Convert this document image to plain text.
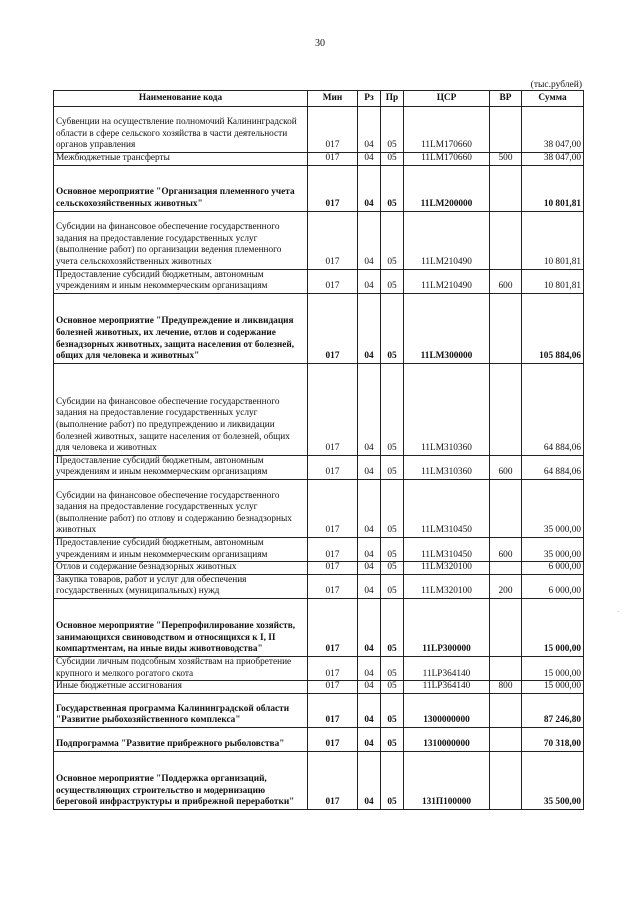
30
(тыс.рублей)
Наименование кода	Мин	Рз	Пр	ЦСР	ВР	Сумма
Субвенции на осуществление полномочий Калининградской области в сфере сельского хозяйства в части деятельности органов управления	017	04	05	11LM170660		38 047,00
Межбюджетные трансферты	017	04	05	11LM170660	500	38 047,00
Основное мероприятие "Организация племенного учета сельскохозяйственных животных"	017	04	05	11LM200000		10 801,81
Субсидии на финансовое обеспечение государственного задания на предоставление государственных услуг (выполнение работ) по организации ведения племенного учета сельскохозяйственных животных	017	04	05	11LM210490		10 801,81
Предоставление субсидий бюджетным, автономным учреждениям и иным некоммерческим организациям	017	04	05	11LM210490	600	10 801,81
Основное мероприятие "Предупреждение и ликвидация болезней животных, их лечение, отлов и содержание безнадзорных животных, защита населения от болезней, общих для человека и животных"	017	04	05	11LM300000		105 884,06
Субсидии на финансовое обеспечение государственного задания на предоставление государственных услуг (выполнение работ) по предупреждению и ликвидации болезней животных, защите населения от болезней, общих для человека и животных	017	04	05	11LM310360		64 884,06
Предоставление субсидий бюджетным, автономным учреждениям и иным некоммерческим организациям	017	04	05	11LM310360	600	64 884,06
Субсидии на финансовое обеспечение государственного задания на предоставление государственных услуг (выполнение работ) по отлову и содержанию безнадзорных животных	017	04	05	11LM310450		35 000,00
Предоставление субсидий бюджетным, автономным учреждениям и иным некоммерческим организациям	017	04	05	11LM310450	600	35 000,00
Отлов и содержание безнадзорных животных	017	04	05	11LM320100		6 000,00
Закупка товаров, работ и услуг для обеспечения государственных (муниципальных) нужд	017	04	05	11LM320100	200	6 000,00
Основное мероприятие "Перепрофилирование хозяйств, занимающихся свиноводством и относящихся к I, II компартментам, на иные виды животноводства"	017	04	05	11LP300000		15 000,00
Субсидии личным подсобным хозяйствам на приобретение крупного и мелкого рогатого скота	017	04	05	11LP364140		15 000,00
Иные бюджетные ассигнования	017	04	05	11LP364140	800	15 000,00
Государственная программа Калининградской области "Развитие рыбохозяйственного комплекса"	017	04	05	1300000000		87 246,80
Подпрограмма "Развитие прибрежного рыболовства"	017	04	05	1310000000		70 318,00
Основное мероприятие "Поддержка организаций, осуществляющих строительство и модернизацию береговой инфраструктуры и прибрежной переработки"	017	04	05	131П100000		35 500,00
·
